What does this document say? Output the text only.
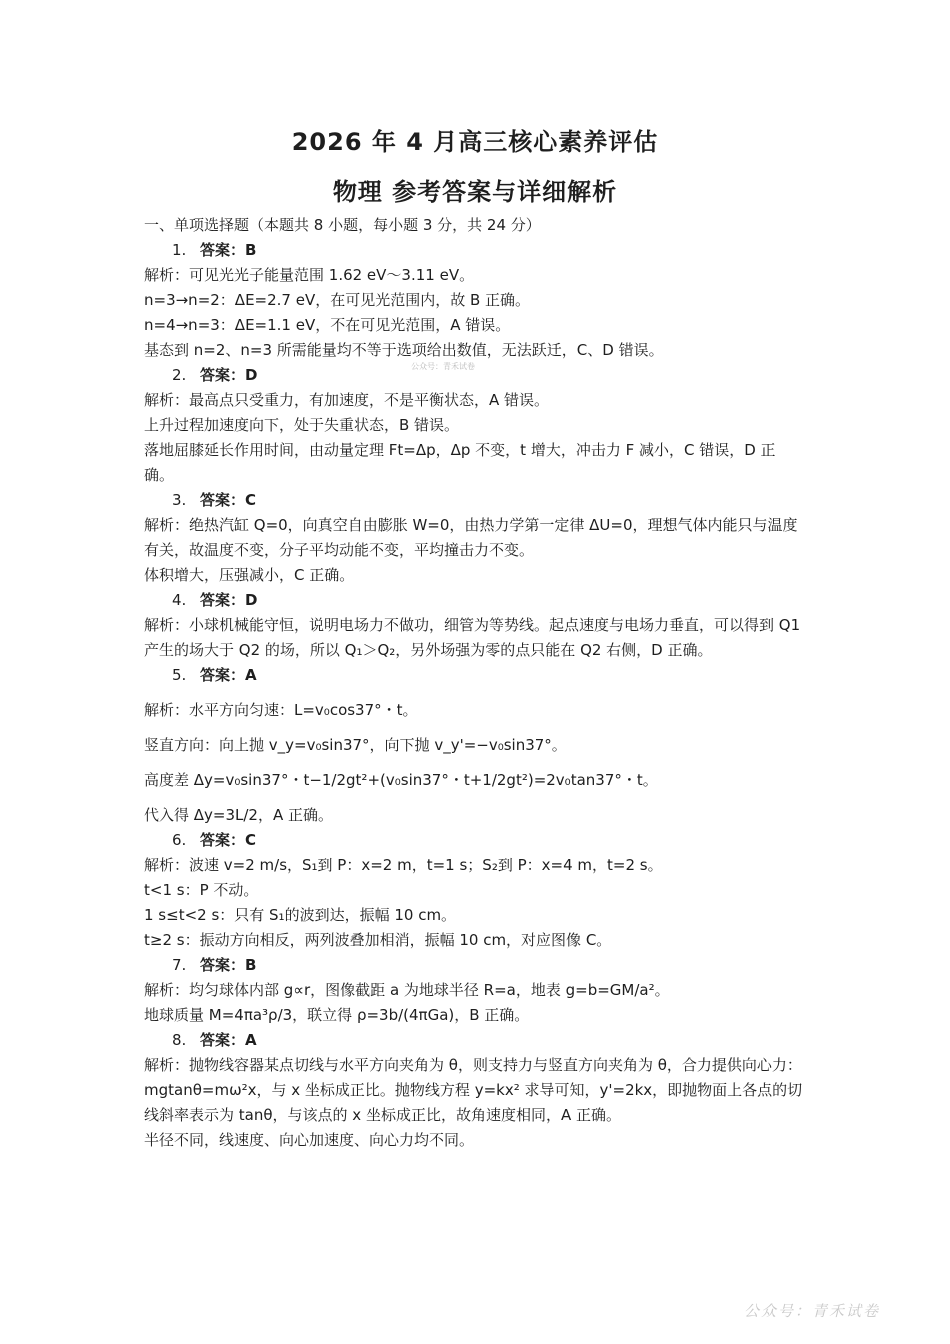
2026 年 4 月高三核心素养评估
物理 参考答案与详细解析
公众号：青禾试卷

一、单项选择题（本题共 8 小题，每小题 3 分，共 24 分）

1. 答案：B

解析：可见光光子能量范围 1.62 eV～3.11 eV。

n=3→n=2：ΔE=2.7 eV，在可见光范围内，故 B 正确。

n=4→n=3：ΔE=1.1 eV，不在可见光范围，A 错误。

基态到 n=2、n=3 所需能量均不等于选项给出数值，无法跃迁，C、D 错误。

2. 答案：D

解析：最高点只受重力，有加速度，不是平衡状态，A 错误。

上升过程加速度向下，处于失重状态，B 错误。

落地屈膝延长作用时间，由动量定理 Ft=Δp，Δp 不变，t 增大，冲击力 F 减小，C 错误，D 正确。

3. 答案：C

解析：绝热汽缸 Q=0，向真空自由膨胀 W=0，由热力学第一定律 ΔU=0，理想气体内能只与温度有关，故温度不变，分子平均动能不变，平均撞击力不变。

体积增大，压强减小，C 正确。

4. 答案：D

解析：小球机械能守恒，说明电场力不做功，细管为等势线。起点速度与电场力垂直，可以得到 Q1 产生的场大于 Q2 的场，所以 Q₁＞Q₂，另外场强为零的点只能在 Q2 右侧，D 正确。

5. 答案：A

解析：水平方向匀速：L=v₀cos37°・t。

竖直方向：向上抛 v_y=v₀sin37°，向下抛 v_y'=−v₀sin37°。

高度差 Δy=v₀sin37°・t−1/2gt²+(v₀sin37°・t+1/2gt²)=2v₀tan37°・t。

代入得 Δy=3L/2，A 正确。

6. 答案：C

解析：波速 v=2 m/s，S₁到 P：x=2 m，t=1 s；S₂到 P：x=4 m，t=2 s。

t<1 s：P 不动。

1 s≤t<2 s：只有 S₁的波到达，振幅 10 cm。

t≥2 s：振动方向相反，两列波叠加相消，振幅 10 cm，对应图像 C。

7. 答案：B

解析：均匀球体内部 g∝r，图像截距 a 为地球半径 R=a，地表 g=b=GM/a²。

地球质量 M=4πa³ρ/3，联立得 ρ=3b/(4πGa)，B 正确。

8. 答案：A

解析：抛物线容器某点切线与水平方向夹角为 θ，则支持力与竖直方向夹角为 θ，合力提供向心力：mgtanθ=mω²x，与 x 坐标成正比。抛物线方程 y=kx² 求导可知，y'=2kx，即抛物面上各点的切线斜率表示为 tanθ，与该点的 x 坐标成正比，故角速度相同，A 正确。

半径不同，线速度、向心加速度、向心力均不同。

公众号：青禾试卷
